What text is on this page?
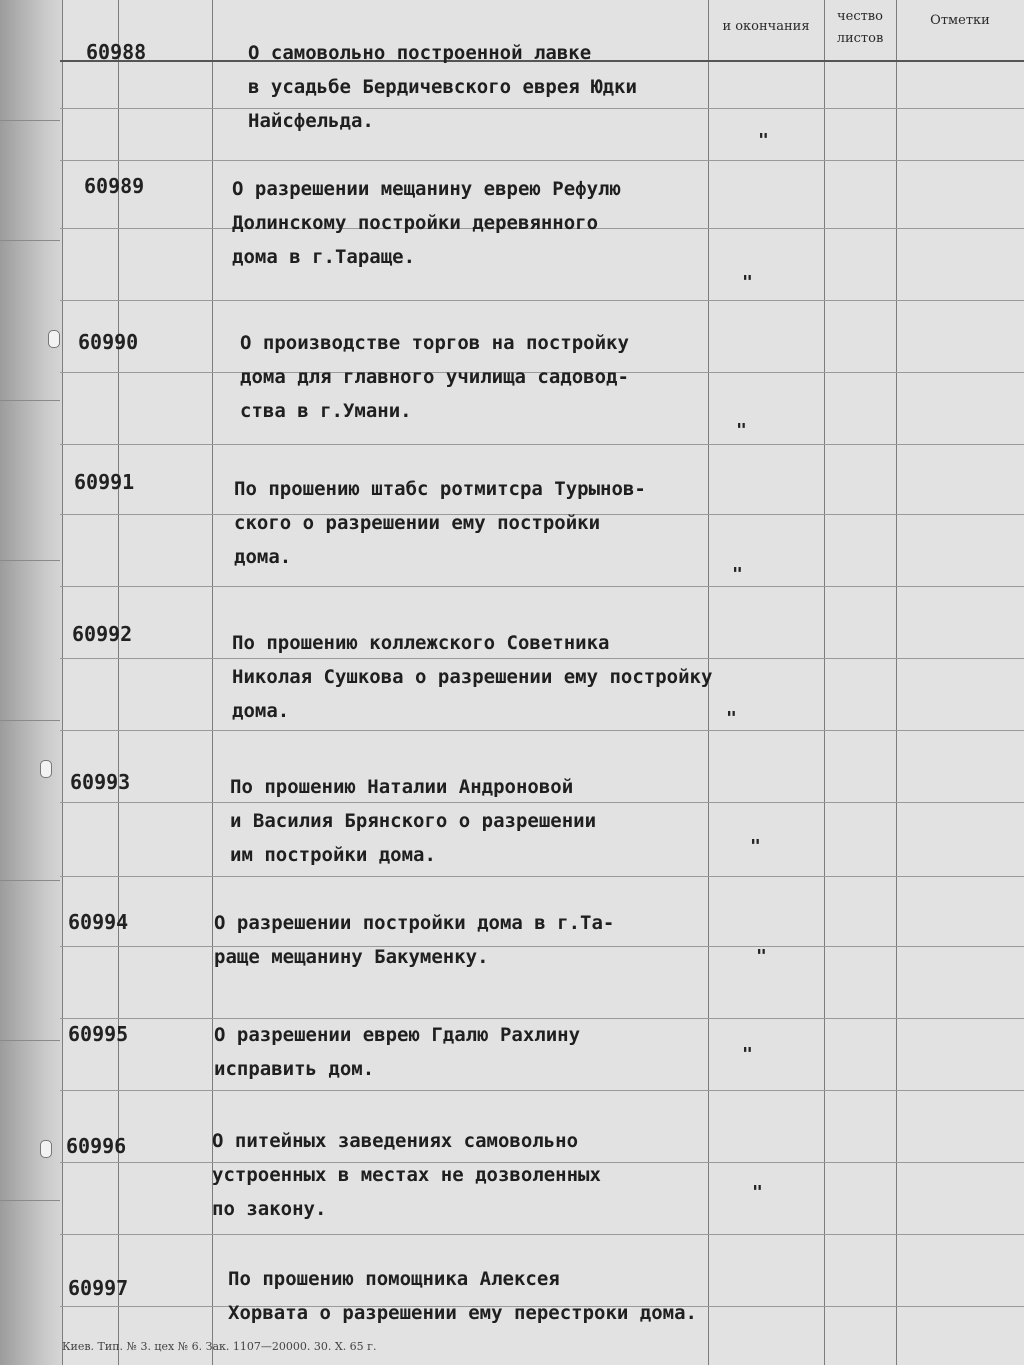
и окончания
чество
листов
Отметки
60988	О самовольно построенной лавке
в усадьбе Бердичевского еврея Юдки
Найсфельда.
"
60989	О разрешении мещанину еврею Рефулю
Долинскому постройки деревянного
дома в г.Тараще.
"
60990	О производстве торгов на постройку
дома для главного училища садовод-
ства в г.Умани.
"
60991	По прошению штабс ротмитсра Турынов-
ского о разрешении ему постройки
дома.
"
60992	По прошению коллежского Советника
Николая Сушкова о разрешении ему постройку
дома.	"
60993	По прошению Наталии Андроновой
и Василия Брянского о разрешении
им постройки дома.	"
60994	О разрешении постройки дома в г.Та-
раще мещанину Бакуменку.	"
60995	О разрешении еврею Гдалю Рахлину
исправить дом.
"
60996	О питейных заведениях самовольно
устроенных в местах не дозволенных
по закону.
"
60997	По прошению помощника Алексея
Хорвата о разрешении ему перестроки дома.
Киев. Тип. № 3. цех № 6. Зак. 1107—20000. 30. X. 65 г.
